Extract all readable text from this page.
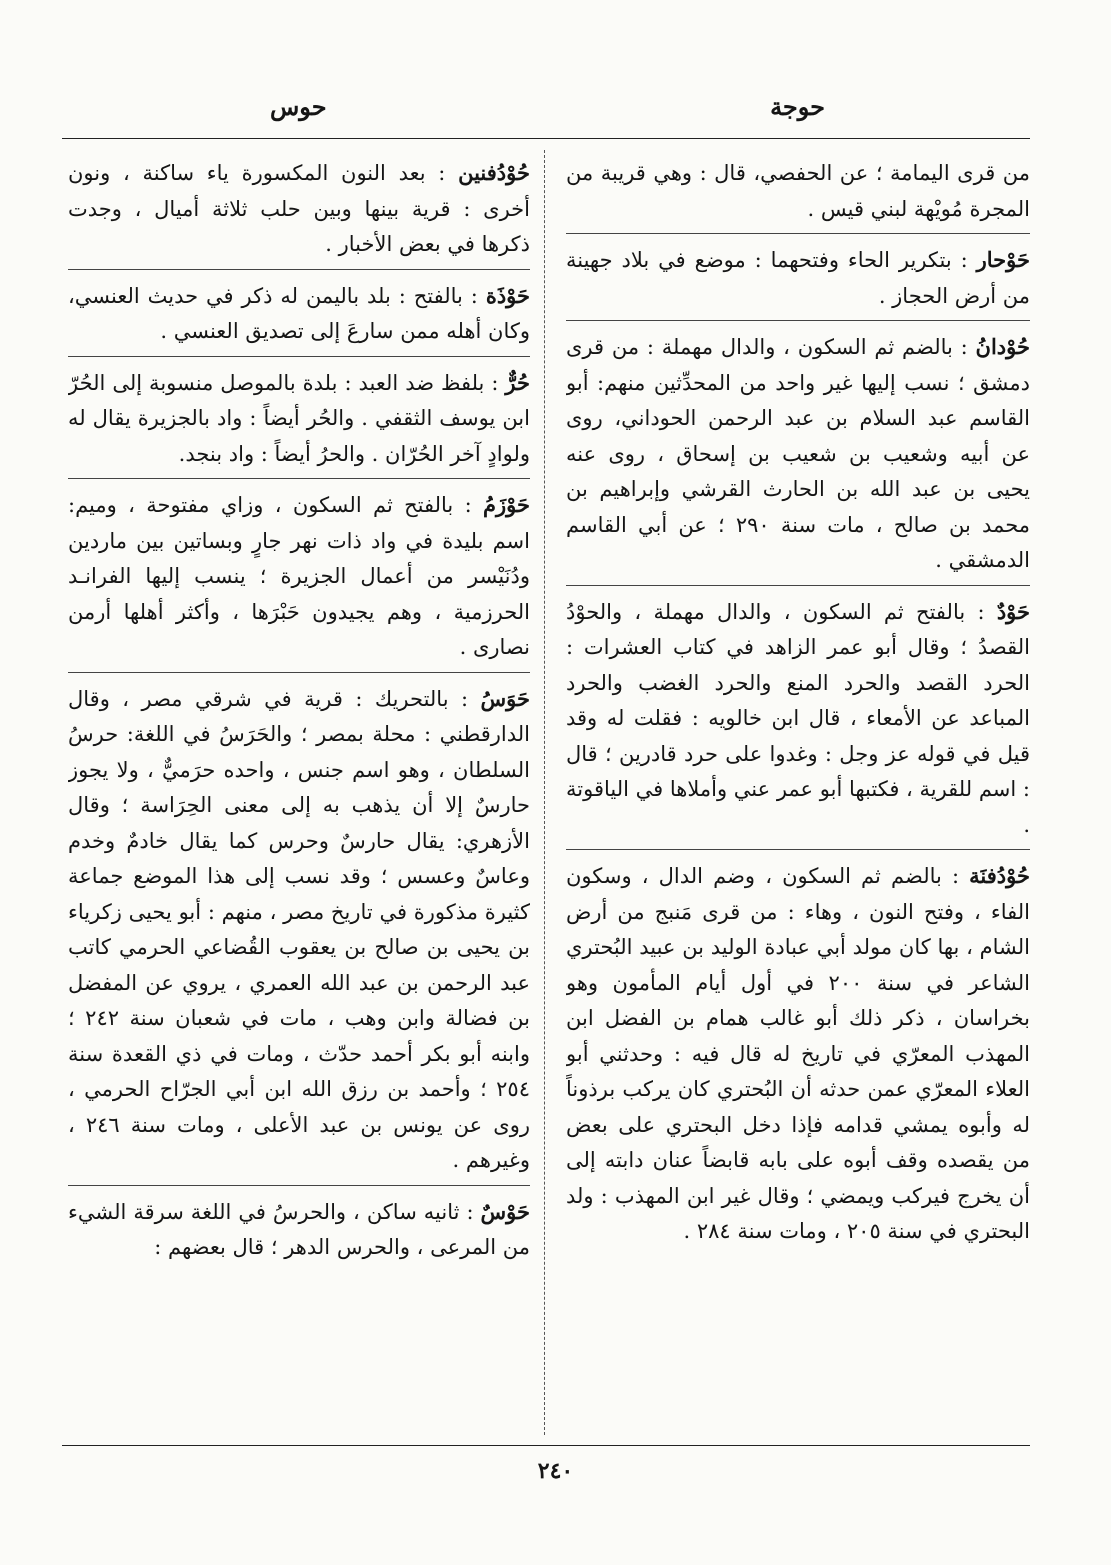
حوجة
حوس

من قرى اليمامة ؛ عن الحفصي، قال : وهي قريبة من المجرة مُويْهة لبني قيس .

حَوْحار : بتكرير الحاء وفتحهما : موضع في بلاد جهينة من أرض الحجاز .

حُوْدانُ : بالضم ثم السكون ، والدال مهملة : من قرى دمشق ؛ نسب إليها غير واحد من المحدِّثين منهم: أبو القاسم عبد السلام بن عبد الرحمن الحوداني، روى عن أبيه وشعيب بن شعيب بن إسحاق ، روى عنه يحيى بن عبد الله بن الحارث القرشي وإبراهيم بن محمد بن صالح ، مات سنة ٢٩٠ ؛ عن أبي القاسم الدمشقي .

حَوْدٌ : بالفتح ثم السكون ، والدال مهملة ، والحوْدُ القصدُ ؛ وقال أبو عمر الزاهد في كتاب العشرات : الحرد القصد والحرد المنع والحرد الغضب والحرد المباعد عن الأمعاء ، قال ابن خالويه : فقلت له وقد قيل في قوله عز وجل : وغدوا على حرد قادرين ؛ قال : اسم للقرية ، فكتبها أبو عمر عني وأملاها في الياقوتة .

حُوْدُفنَة : بالضم ثم السكون ، وضم الدال ، وسكون الفاء ، وفتح النون ، وهاء : من قرى مَنبج من أرض الشام ، بها كان مولد أبي عبادة الوليد بن عبيد البُحتري الشاعر في سنة ٢٠٠ في أول أيام المأمون وهو بخراسان ، ذكر ذلك أبو غالب همام بن الفضل ابن المهذب المعرّي في تاريخ له قال فيه : وحدثني أبو العلاء المعرّي عمن حدثه أن البُحتري كان يركب برذوناً له وأبوه يمشي قدامه فإذا دخل البحتري على بعض من يقصده وقف أبوه على بابه قابضاً عنان دابته إلى أن يخرج فيركب ويمضي ؛ وقال غير ابن المهذب : ولد البحتري في سنة ٢٠٥ ، ومات سنة ٢٨٤ .

حُوْدُفنين : بعد النون المكسورة ياء ساكنة ، ونون أخرى : قرية بينها وبين حلب ثلاثة أميال ، وجدت ذكرها في بعض الأخبار .

حَوْذَة : بالفتح : بلد باليمن له ذكر في حديث العنسي، وكان أهله ممن سارعَ إلى تصديق العنسي .

حُرٌّ : بلفظ ضد العبد : بلدة بالموصل منسوبة إلى الحُرّ ابن يوسف الثقفي . والحُر أيضاً : واد بالجزيرة يقال له ولوادٍ آخر الحُرّان . والحرُ أيضاً : واد بنجد.

حَوْزَمُ : بالفتح ثم السكون ، وزاي مفتوحة ، وميم: اسم بليدة في واد ذات نهر جارٍ وبساتين بين ماردين ودُنَيْسر من أعمال الجزيرة ؛ ينسب إليها الفرانـد الحرزمية ، وهم يجيدون حَبْرَها ، وأكثر أهلها أرمن نصارى .

حَوَسُ : بالتحريك : قرية في شرقي مصر ، وقال الدارقطني : محلة بمصر ؛ والحَرَسُ في اللغة: حرسُ السلطان ، وهو اسم جنس ، واحده حرَميٌّ ، ولا يجوز حارسٌ إلا أن يذهب به إلى معنى الحِرَاسة ؛ وقال الأزهري: يقال حارسٌ وحرس كما يقال خادمٌ وخدم وعاسٌ وعسس ؛ وقد نسب إلى هذا الموضع جماعة كثيرة مذكورة في تاريخ مصر ، منهم : أبو يحيى زكرياء بن يحيى بن صالح بن يعقوب القُضاعي الحرمي كاتب عبد الرحمن بن عبد الله العمري ، يروي عن المفضل بن فضالة وابن وهب ، مات في شعبان سنة ٢٤٢ ؛ وابنه أبو بكر أحمد حدّث ، ومات في ذي القعدة سنة ٢٥٤ ؛ وأحمد بن رزق الله ابن أبي الجرّاح الحرمي ، روى عن يونس بن عبد الأعلى ، ومات سنة ٢٤٦ ، وغيرهم .

حَوْسٌ : ثانيه ساكن ، والحرسُ في اللغة سرقة الشيء من المرعى ، والحرس الدهر ؛ قال بعضهم :

٢٤٠
